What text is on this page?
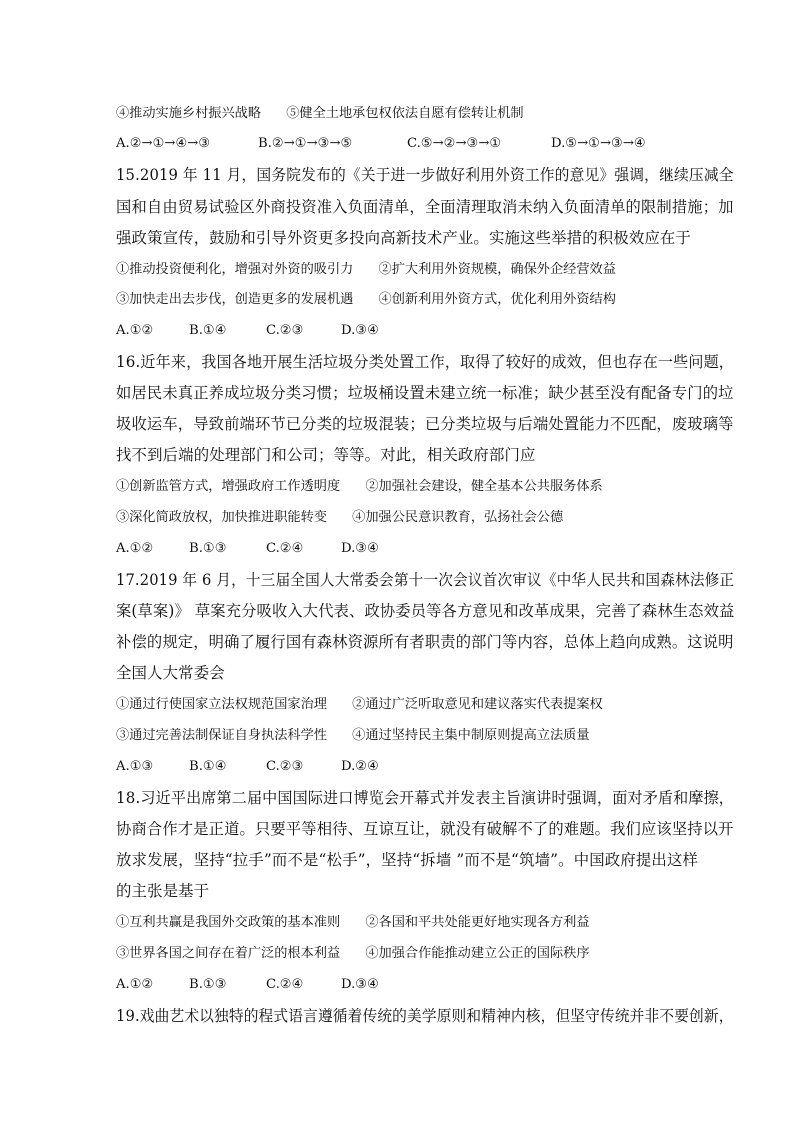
④推动实施乡村振兴战略      ⑤健全土地承包权依法自愿有偿转让机制
A.②→①→④→③	B.②→①→③→⑤	C.⑤→②→③→①	D.⑤→①→③→④
15.2019 年 11 月，国务院发布的《关于进一步做好利用外资工作的意见》强调，继续压减全
国和自由贸易试验区外商投资准入负面清单，全面清理取消未纳入负面清单的限制措施；加
强政策宣传，鼓励和引导外资更多投向高新技术产业。实施这些举措的积极效应在于
①推动投资便利化，增强对外资的吸引力      ②扩大利用外资规模，确保外企经营效益
③加快走出去步伐，创造更多的发展机遇      ④创新利用外资方式，优化利用外资结构
A.①②	B.①④	C.②③	D.③④
16.近年来，我国各地开展生活垃圾分类处置工作，取得了较好的成效，但也存在一些问题，
如居民未真正养成垃圾分类习惯；垃圾桶设置未建立统一标准；缺少甚至没有配备专门的垃
圾收运车，导致前端环节已分类的垃圾混装；已分类垃圾与后端处置能力不匹配，废玻璃等
找不到后端的处理部门和公司；等等。对此，相关政府部门应
①创新监管方式，增强政府工作透明度      ②加强社会建设，健全基本公共服务体系
③深化简政放权，加快推进职能转变      ④加强公民意识教育，弘扬社会公德
A.①②	B.①③	C.②④	D.③④
17.2019 年 6 月，十三届全国人大常委会第十一次会议首次审议《中华人民共和国森林法修正
案(草案)》 草案充分吸收入大代表、政协委员等各方意见和改革成果，完善了森林生态效益
补偿的规定，明确了履行国有森林资源所有者职责的部门等内容，总体上趋向成熟。这说明
全国人大常委会
①通过行使国家立法权规范国家治理      ②通过广泛听取意见和建议落实代表提案权
③通过完善法制保证自身执法科学性      ④通过坚持民主集中制原则提高立法质量
A.①③	B.①④	C.②③	D.②④
18.习近平出席第二届中国国际进口博览会开幕式并发表主旨演讲时强调，面对矛盾和摩擦，
协商合作才是正道。只要平等相待、互谅互让，就没有破解不了的难题。我们应该坚持以开
放求发展，坚持“拉手”而不是“松手”，坚持“拆墙 ”而不是“筑墙”。中国政府提出这样
的主张是基于
①互利共赢是我国外交政策的基本准则      ②各国和平共处能更好地实现各方利益
③世界各国之间存在着广泛的根本利益      ④加强合作能推动建立公正的国际秩序
A.①②	B.①③	C.②④	D.③④
19.戏曲艺术以独特的程式语言遵循着传统的美学原则和精神内核，但坚守传统并非不要创新，
